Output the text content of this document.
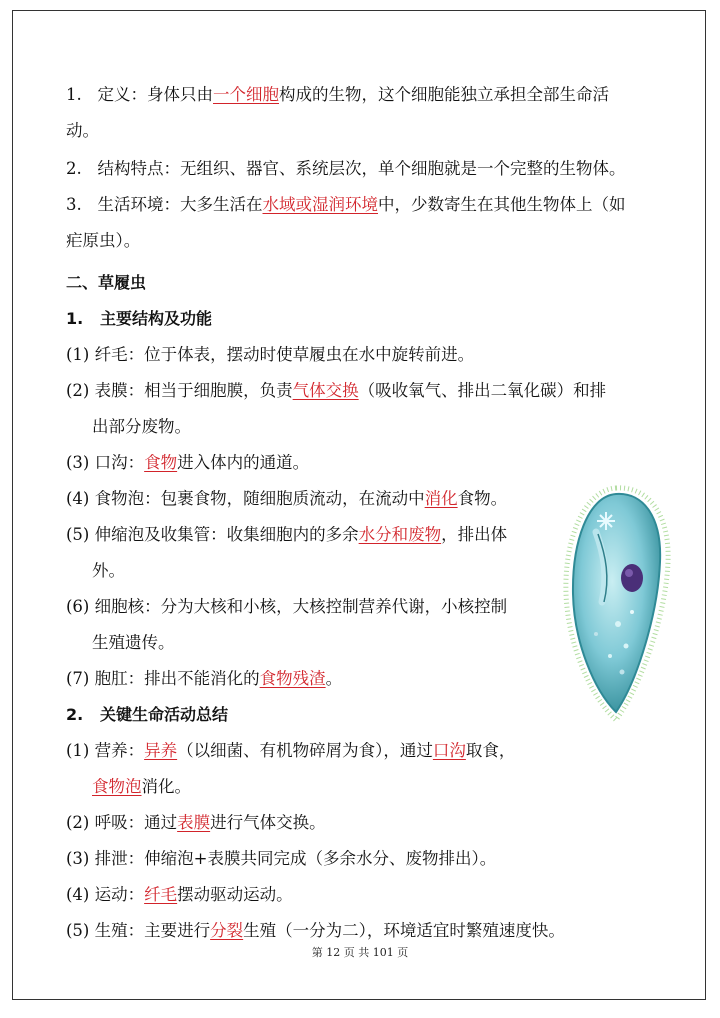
1. 定义：身体只由一个细胞构成的生物，这个细胞能独立承担全部生命活
动。
2. 结构特点：无组织、器官、系统层次，单个细胞就是一个完整的生物体。
3. 生活环境：大多生活在水域或湿润环境中，少数寄生在其他生物体上（如
疟原虫）。
二、草履虫
1. 主要结构及功能
(1) 纤毛：位于体表，摆动时使草履虫在水中旋转前进。
(2) 表膜：相当于细胞膜，负责气体交换（吸收氧气、排出二氧化碳）和排
出部分废物。
(3) 口沟：食物进入体内的通道。
(4) 食物泡：包裹食物，随细胞质流动，在流动中消化食物。
(5) 伸缩泡及收集管：收集细胞内的多余水分和废物，排出体
外。
(6) 细胞核：分为大核和小核，大核控制营养代谢，小核控制
生殖遗传。
(7) 胞肛：排出不能消化的食物残渣。
2. 关键生命活动总结
(1) 营养：异养（以细菌、有机物碎屑为食），通过口沟取食，
食物泡消化。
(2) 呼吸：通过表膜进行气体交换。
(3) 排泄：伸缩泡+表膜共同完成（多余水分、废物排出）。
(4) 运动：纤毛摆动驱动运动。
(5) 生殖：主要进行分裂生殖（一分为二），环境适宜时繁殖速度快。
第 12 页 共 101 页
